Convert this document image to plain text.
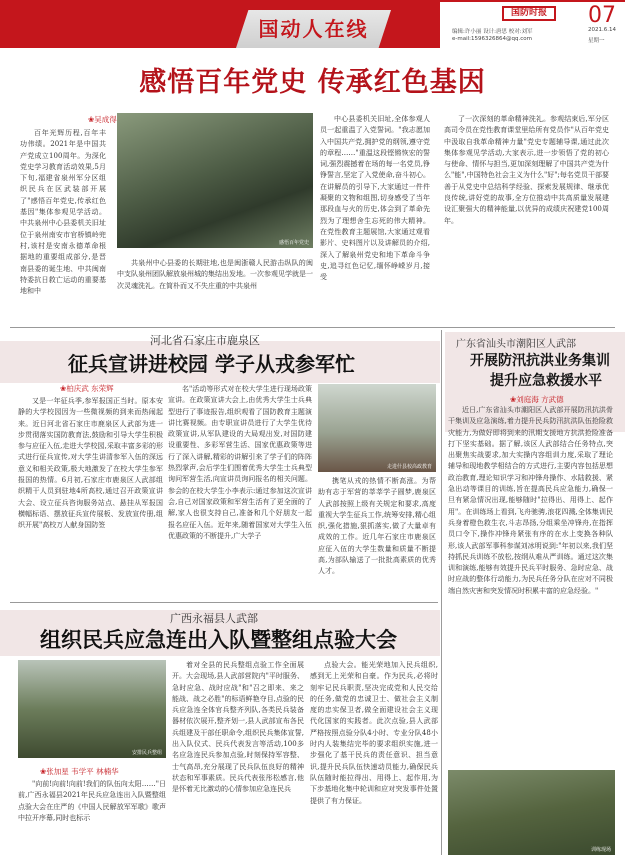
国动人在线
国防时报	07
编辑:许小丽 设计:唐思 校对:刘军
e-mail:1596326864@qq.com
2021.6.14
星期一
感悟百年党史 传承红色基因
❀ 吴成得
百年光辉历程,百年丰功伟绩。2021年是中国共产党成立100周年。为深化党史学习教育活动效果,5月下旬,福建省泉州军分区组织民兵在区武装部开展了"感悟百年党史,传承红色基因"集体参观见学活动。中共泉州中心县委机关旧址位于泉州南安市官桥镇岭兜村,该村是安南永德革命根据地的重要组成部分,是晋南县委的诞生地、中共闽南特委抗日救亡运动的重要基地和中
感悟百年党史
共泉州中心县委的长期驻地,也是闽浙赣人民游击纵队的闽中支队泉州团队解放泉州城的集结出发地。一次参观见学就是一次灵魂洗礼。在简朴而又不失庄重的中共泉州
中心县委机关旧址,全体参观人员一起重温了入党誓词。"我志愿加入中国共产党,拥护党的纲领,遵守党的章程……"重温这段铿锵恢宏的誓词,强烈震撼着在场的每一名党员,铮铮誓言,坚定了入党使命,奋斗初心。在讲解员的引导下,大家通过一件件凝聚的文物和组图,切身感受了当年那段血与火的历史,体会到了革命先烈为了理想舍生忘死的伟大精神。在党性教育主题展馆,大家通过观看影片、史料图片以及讲解员的介绍,深入了解泉州党史和地下革命斗争史,追寻红色记忆,缅怀峥嵘岁月,接受
了一次深刻的革命精神洗礼。参观结束后,军分区高司令员在党性教育课堂里给所有党员作"从百年党史中汲取自我革命精神力量"党史专题辅导课,通过此次集体参观见学活动,大家表示,进一步领悟了党的初心与使命、情怀与担当,更加深刻理解了中国共产党为什么"能",中国特色社会主义为什么"好";每名党员干部要善于从党史中总结科学经验、探索发展规律、继承优良传统,讲好党的故事,全方位推动中共高质量发展建设汇聚强大的精神能量,以优异的成绩庆祝建党100周年。
河北省石家庄市鹿泉区
征兵宣讲进校园 学子从戎参军忙
❀ 柏庆武 东荣辉
又是一年征兵季,参军报国正当时。原本安静的大学校园因为一些微视频的到来而热闹起来。近日河北省石家庄市鹿泉区人武部为进一步贯彻落实国防教育法,鼓励和引导大学生积极参与应征入伍,走进大学校园,采取丰富多彩的形式进行征兵宣传,对大学生讲清参军入伍的深远意义和相关政策,极大地激发了在校大学生参军报国的热情。6月初,石家庄市鹿泉区人武部组织精干人员到驻地4所高校,通过召开政策宣讲大会、设立征兵咨询服务站点、悬挂从军报国横幅标语、摆放征兵宣传展板、发放宣传册,组织开展"高校万人献身国防签
名"活动等形式对在校大学生进行现场政策宣讲。在政策宣讲大会上,由优秀大学生士兵典型进行了事迹报告,组织观看了国防教育主题演讲比赛视频。由专职宣讲员进行了大学生优待政策宣讲,从军队建设的大局观出发,对国防建设重要性、多彩军营生活、国家优惠政策等进行了深入讲解,精彩的讲解引来了学子们的阵阵热烈掌声,会后学生们围着优秀大学生士兵典型询问军营生活,向宣讲员询问报名的相关问题。参会的在校大学生小李表示:通过参加这次宣讲会,自己对国家政策和军营生活有了更全面的了解,家人也很支持自己,准备和几个好朋友一起报名应征入伍。近年来,随着国家对大学生入伍优惠政策的不断提升,广大学子
走进什县校高政教育
携笔从戎的热情不断高涨。为帮助有志于军营的莘莘学子圆梦,鹿泉区人武部按照上级有关规定和要求,高度重视大学生征兵工作,统筹安排,精心组织,强化措施,狠抓落实,做了大量卓有成效的工作。近几年石家庄市鹿泉区应征入伍的大学生数量和质量不断提高,为部队输送了一批批高素质的优秀人才。
广东省汕头市潮阳区人武部
开展防汛抗洪业务集训
提升应急救援水平
❀ 刘庭海 方武德
近日,广东省汕头市潮阳区人武部开展防汛抗洪骨干集训及应急演练,着力提升民兵防汛抗洪队伍抢险救灾能力,为做好即将到来的汛期支援地方抗洪抢险准备打下坚实基础。据了解,该区人武部结合任务特点,突出聚焦实战要求,加大实操内容组训力度,采取了理论辅导和现地教学相结合的方式进行,主要内容包括思想政治教育,理论知识学习和冲锋舟操作、水陆救援、紧急出动等课目的训练,旨在提高民兵应急能力,确保一旦有紧急情况出现,能够随时"拉得出、用得上、起作用"。在训练场上看到,飞舟驰骋,浪花四溅,全体集训民兵身着橙色救生衣,斗志昂扬,分组乘坐冲锋舟,在指挥员口令下,操作冲锋舟紧张有序的在水上变换各种队形,该人武部军事科参谋刘冰明说到:"年初以来,我们坚持抓民兵训练不放松,按纲从难从严训练。通过这次集训和演练,能够有效提升民兵平时服务、急时应急、战时应战的整体行动能力,为民兵任务分队在应对不同极端自然灾害和突发情况时积累丰富的应急经验。"
训练现场
广西永福县人武部
组织民兵应急连出入队暨整组点验大会
安排民兵整组
❀ 张加星 韦学平 林楠华
"向前!向前!向前!我们的队伍向太阳……"日前,广西永福县2021年民兵应急连出入队暨整组点验大会在庄严的《中国人民解放军军歌》歌声中拉开序幕,同时也标示
着对全县的民兵整组点验工作全面展开。大会现场,县人武部营院内"平时服务、急时应急、战时应战"和"召之即来、来之能战、战之必胜"的标语鲜艳夺目,点验的民兵应急连全体官兵整齐列队,各类民兵装备器材依次展开,整齐划一,县人武部宣布各民兵组建及干部任职命令,组织民兵集体宣誓,出入队仪式、民兵代表发言等活动,100多名应急连民兵参加点验,时刻保持军容整、士气高昂,充分展现了民兵队伍良好的精神状态和军事素质。民兵代表张彤松感言,他是怀着无比激动的心情参加应急连民兵
点验大会。能光荣地加入民兵组织,感到无上光荣和自豪。作为民兵,必将时刻牢记民兵职责,坚决完成党和人民交给的任务,做党的忠诚卫士、做社会主义制度的忠实保卫者,做全面建设社会主义现代化国家的实践者。此次点验,县人武部严格按照点验分队4小时、专业分队48小时内人装集结完毕的要求组织实施,进一步强化了基干民兵的责任意识、担当意识,提升民兵队伍快速动员能力,确保民兵队伍随时能拉得出、用得上、起作用,为下步基地化集中轮训和应对突发事件处置提供了有力保证。
